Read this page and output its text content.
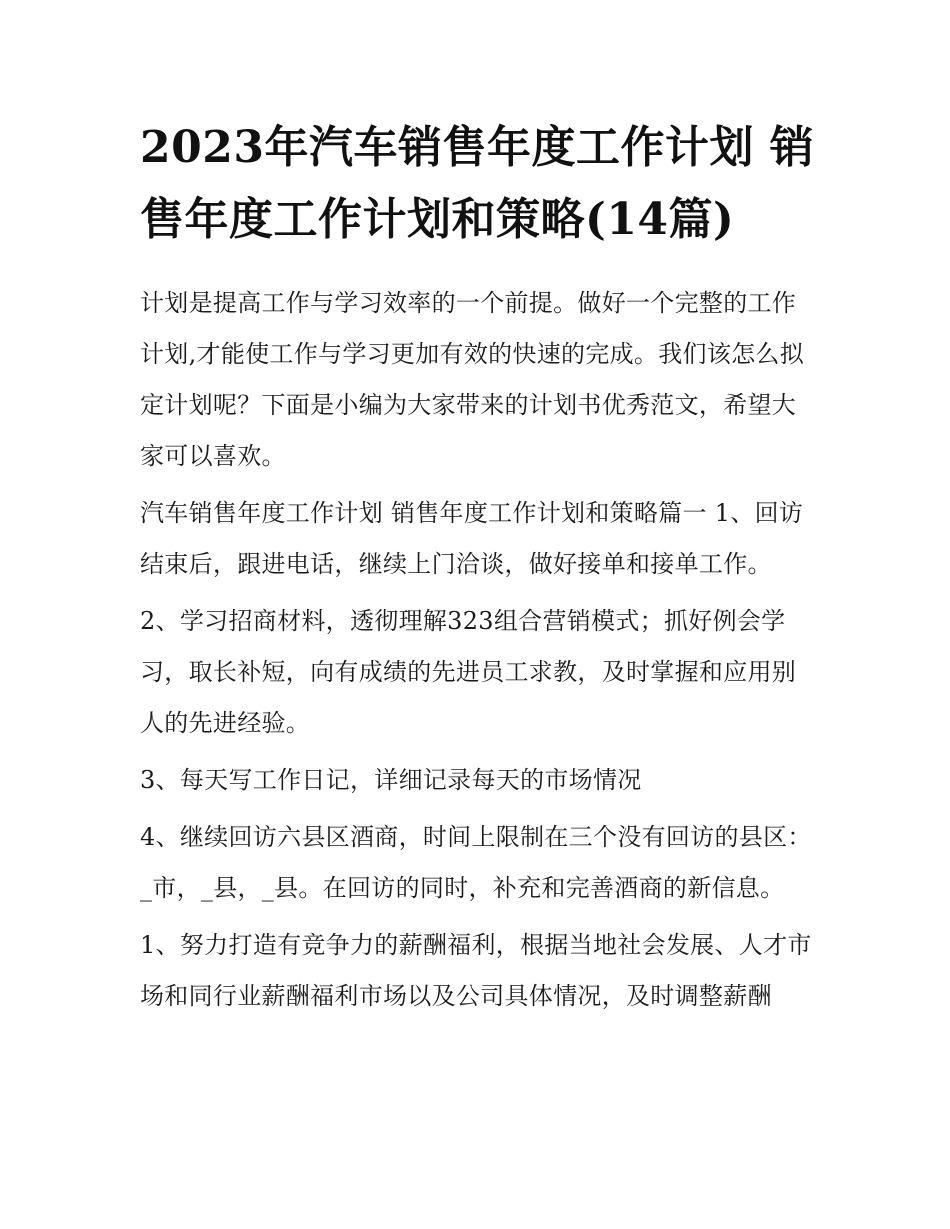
2023年汽车销售年度工作计划 销售年度工作计划和策略(14篇)

计划是提高工作与学习效率的一个前提。做好一个完整的工作计划,才能使工作与学习更加有效的快速的完成。我们该怎么拟定计划呢？下面是小编为大家带来的计划书优秀范文，希望大家可以喜欢。

汽车销售年度工作计划 销售年度工作计划和策略篇一 1、回访结束后，跟进电话，继续上门洽谈，做好接单和接单工作。

2、学习招商材料，透彻理解323组合营销模式；抓好例会学习，取长补短，向有成绩的先进员工求教，及时掌握和应用别人的先进经验。

3、每天写工作日记，详细记录每天的市场情况

4、继续回访六县区酒商，时间上限制在三个没有回访的县区：_市，_县，_县。在回访的同时，补充和完善酒商的新信息。

1、努力打造有竞争力的薪酬福利，根据当地社会发展、人才市场和同行业薪酬福利市场以及公司具体情况，及时调整薪酬
